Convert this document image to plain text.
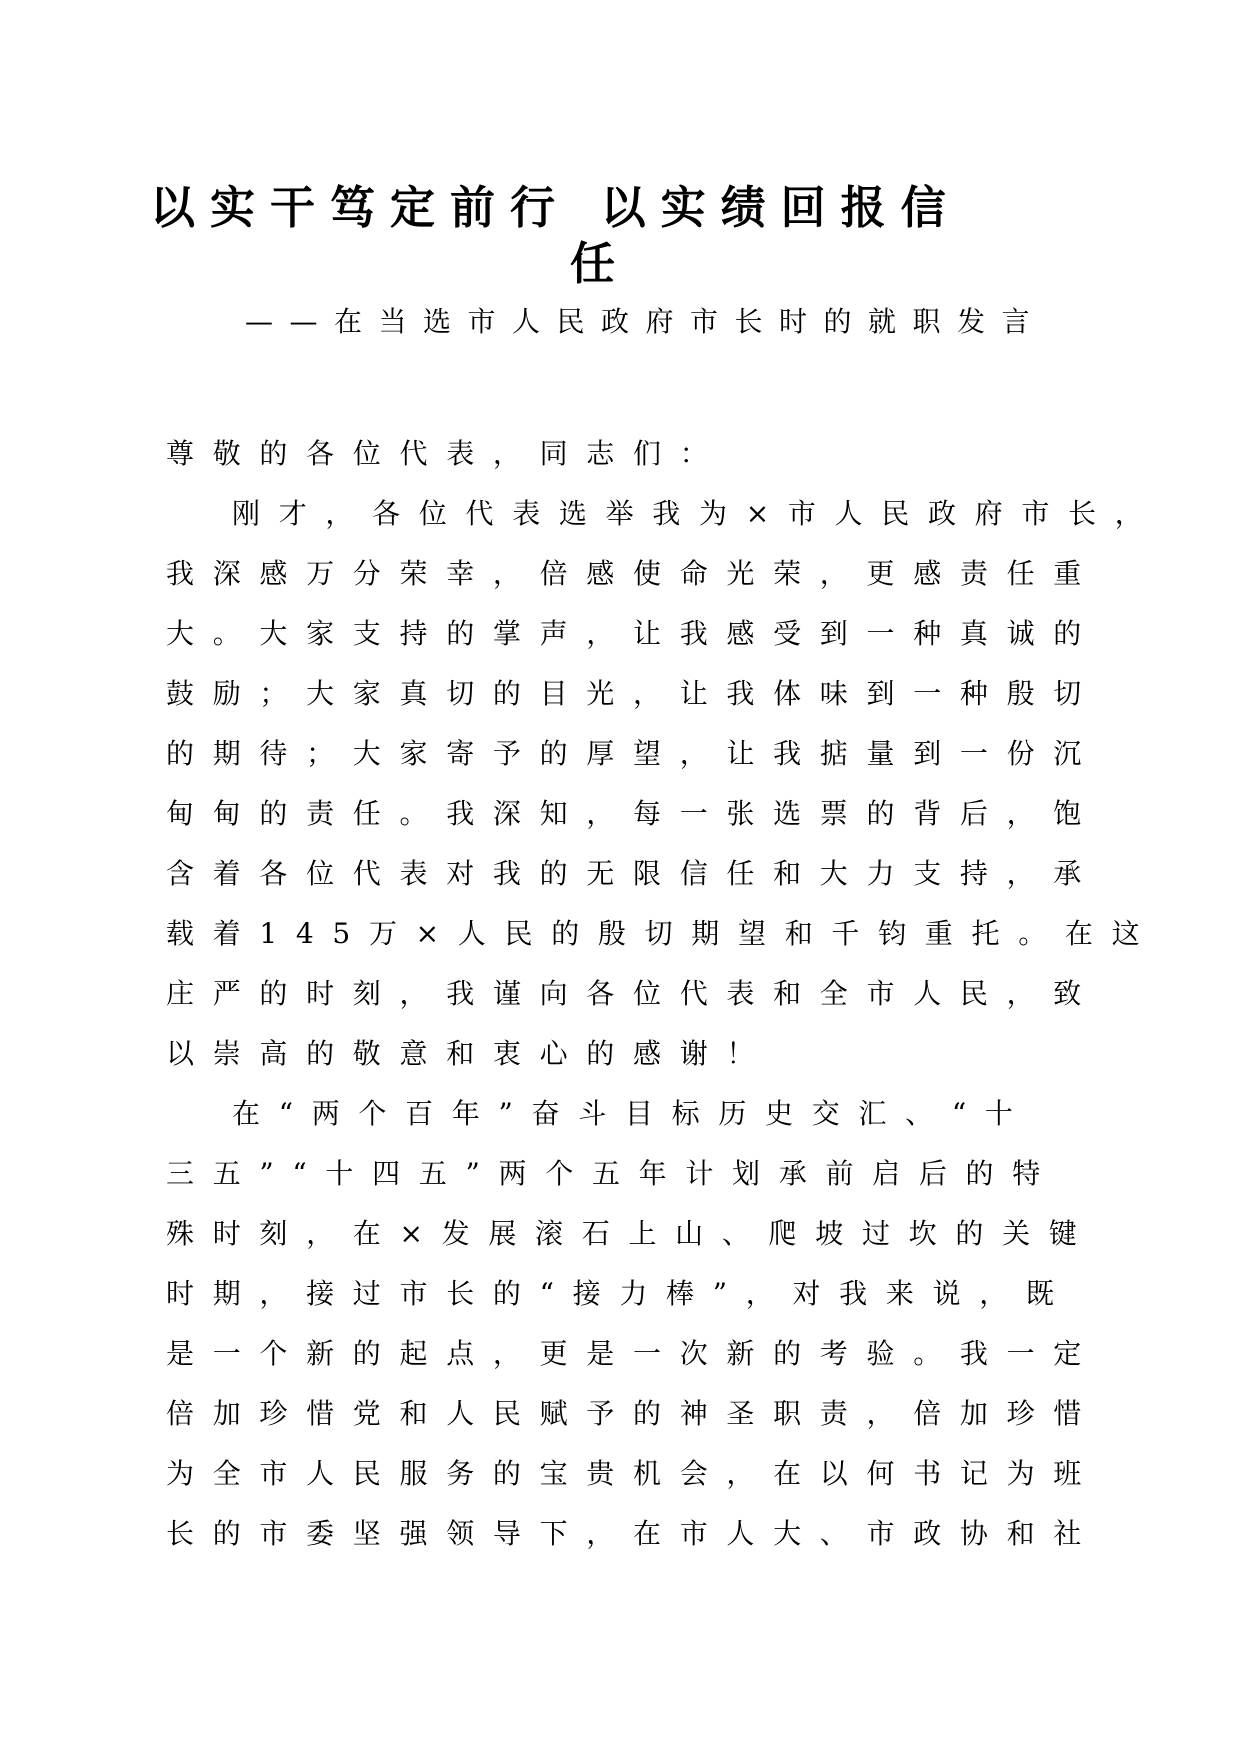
以实干笃定前行 以实绩回报信
任
——在当选市人民政府市长时的就职发言
尊敬的各位代表，同志们：
刚才，各位代表选举我为×市人民政府市长，
我深感万分荣幸，倍感使命光荣，更感责任重
大。大家支持的掌声，让我感受到一种真诚的
鼓励；大家真切的目光，让我体味到一种殷切
的期待；大家寄予的厚望，让我掂量到一份沉
甸甸的责任。我深知，每一张选票的背后，饱
含着各位代表对我的无限信任和大力支持，承
载着145万×人民的殷切期望和千钧重托。在这
庄严的时刻，我谨向各位代表和全市人民，致
以崇高的敬意和衷心的感谢！
在“两个百年”奋斗目标历史交汇、“十
三五”“十四五”两个五年计划承前启后的特
殊时刻，在×发展滚石上山、爬坡过坎的关键
时期，接过市长的“接力棒”，对我来说，既
是一个新的起点，更是一次新的考验。我一定
倍加珍惜党和人民赋予的神圣职责，倍加珍惜
为全市人民服务的宝贵机会，在以何书记为班
长的市委坚强领导下，在市人大、市政协和社
